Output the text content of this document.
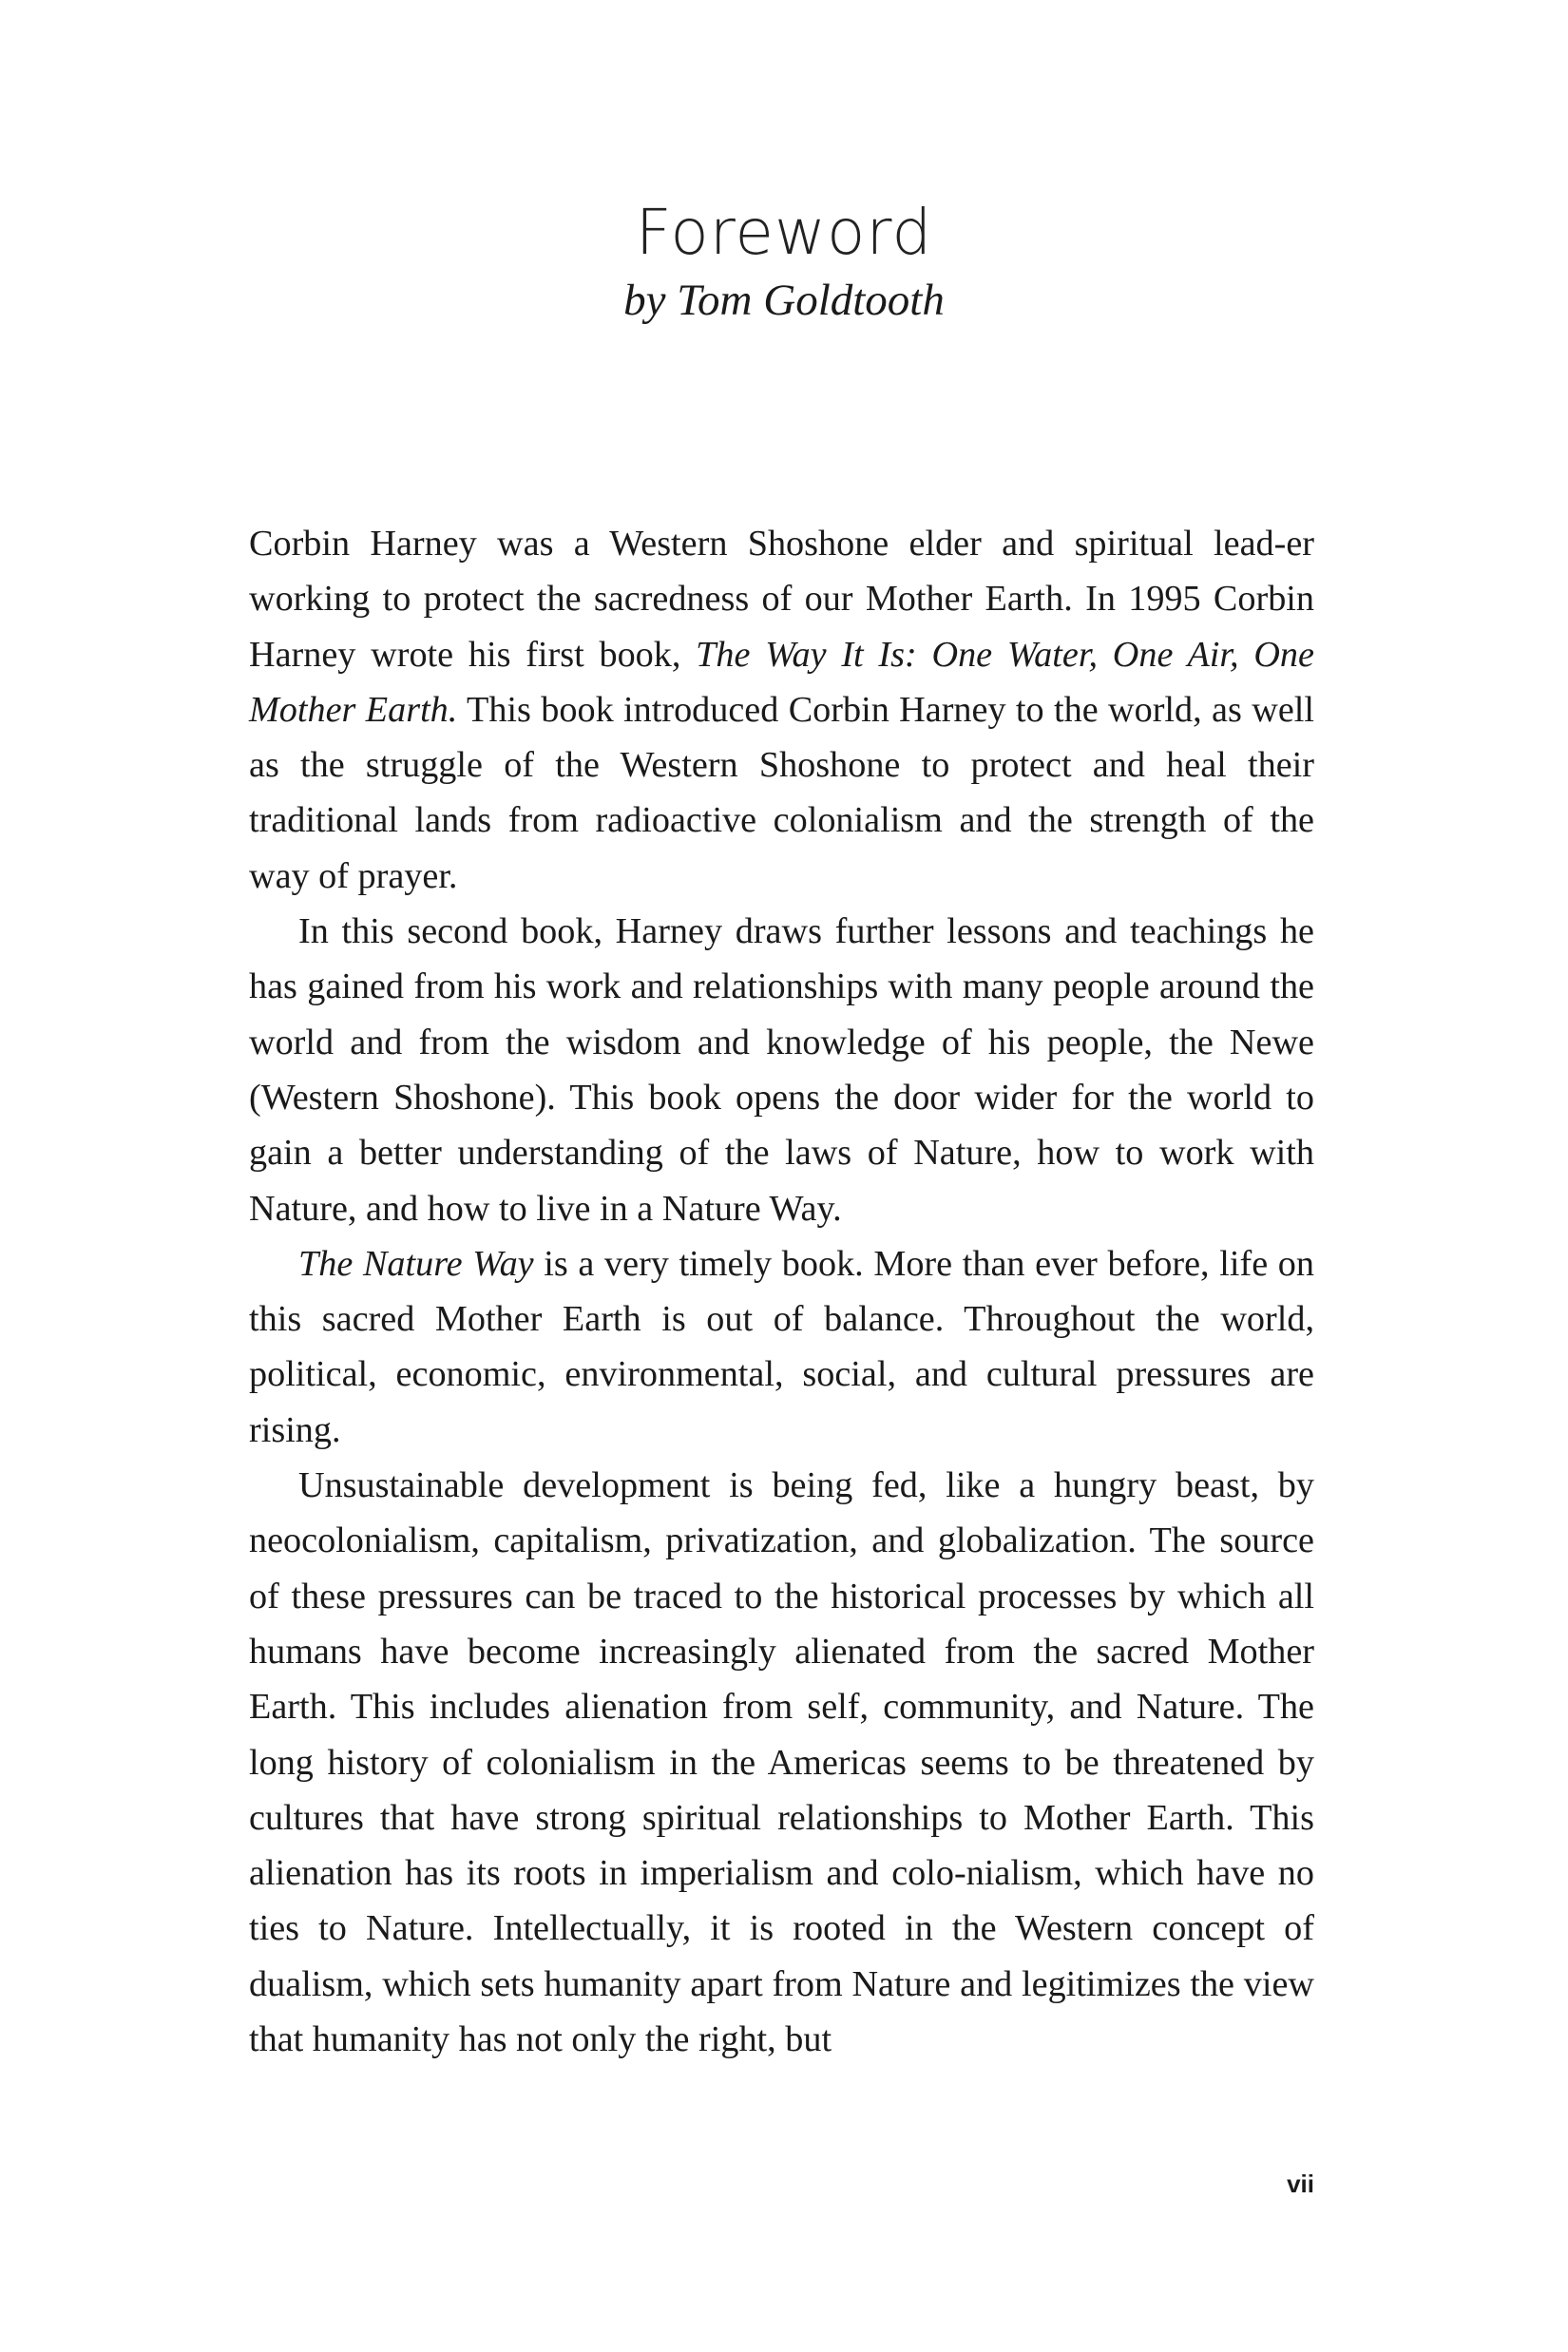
Foreword
by Tom Goldtooth

Corbin Harney was a Western Shoshone elder and spiritual lead-er working to protect the sacredness of our Mother Earth. In 1995 Corbin Harney wrote his first book, The Way It Is: One Water, One Air, One Mother Earth. This book introduced Corbin Harney to the world, as well as the struggle of the Western Shoshone to protect and heal their traditional lands from radioactive colonialism and the strength of the way of prayer.

In this second book, Harney draws further lessons and teachings he has gained from his work and relationships with many people around the world and from the wisdom and knowledge of his people, the Newe (Western Shoshone). This book opens the door wider for the world to gain a better understanding of the laws of Nature, how to work with Nature, and how to live in a Nature Way.

The Nature Way is a very timely book. More than ever before, life on this sacred Mother Earth is out of balance. Throughout the world, political, economic, environmental, social, and cultural pressures are rising.

Unsustainable development is being fed, like a hungry beast, by neocolonialism, capitalism, privatization, and globalization. The source of these pressures can be traced to the historical processes by which all humans have become increasingly alienated from the sacred Mother Earth. This includes alienation from self, community, and Nature. The long history of colonialism in the Americas seems to be threatened by cultures that have strong spiritual relationships to Mother Earth. This alienation has its roots in imperialism and colo-nialism, which have no ties to Nature. Intellectually, it is rooted in the Western concept of dualism, which sets humanity apart from Nature and legitimizes the view that humanity has not only the right, but

vii
